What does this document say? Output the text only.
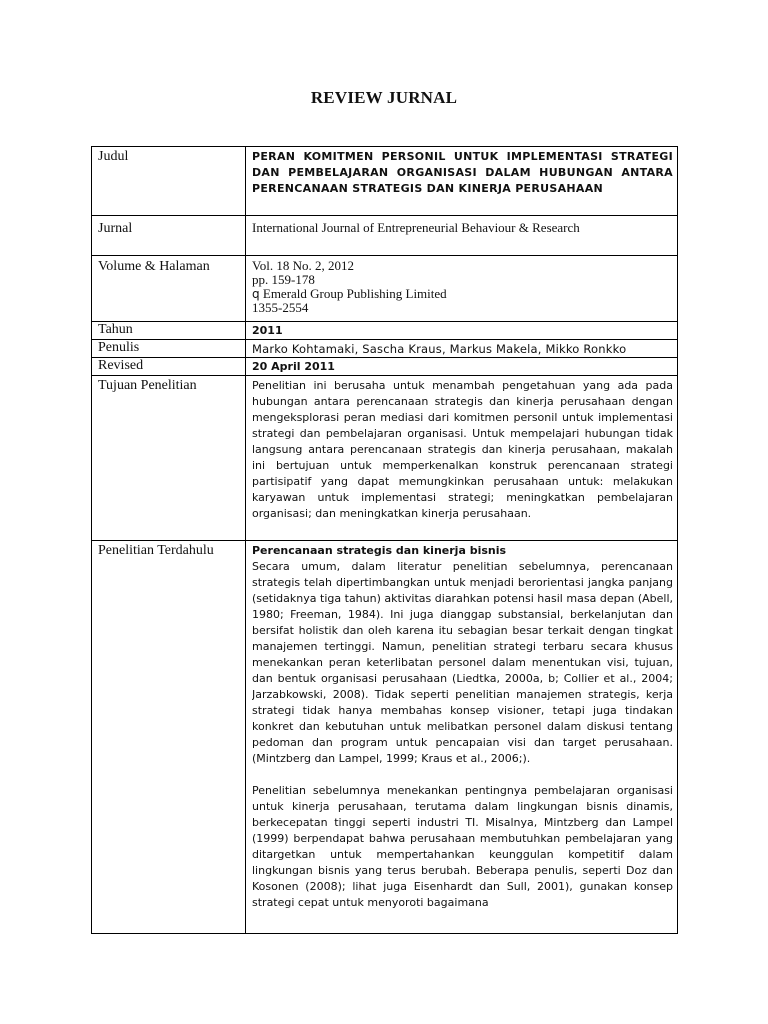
REVIEW JURNAL
Judul	PERAN KOMITMEN PERSONIL UNTUK IMPLEMENTASI STRATEGI DAN PEMBELAJARAN ORGANISASI DALAM HUBUNGAN ANTARA PERENCANAAN STRATEGIS DAN KINERJA PERUSAHAAN
Jurnal	International Journal of Entrepreneurial Behaviour & Research
Volume & Halaman	Vol. 18 No. 2, 2012
pp. 159-178
q Emerald Group Publishing Limited
1355-2554

Tahun	2011
Penulis	Marko Kohtamaki, Sascha Kraus, Markus Makela, Mikko Ronkko
Revised	20 April 2011
Tujuan Penelitian	Penelitian ini berusaha untuk menambah pengetahuan yang ada pada hubungan antara perencanaan strategis dan kinerja perusahaan dengan mengeksplorasi peran mediasi dari komitmen personil untuk implementasi strategi dan pembelajaran organisasi. Untuk mempelajari hubungan tidak langsung antara perencanaan strategis dan kinerja perusahaan, makalah ini bertujuan untuk memperkenalkan konstruk perencanaan strategi partisipatif yang dapat memungkinkan perusahaan untuk: melakukan karyawan untuk implementasi strategi; meningkatkan pembelajaran organisasi; dan meningkatkan kinerja perusahaan.
Penelitian Terdahulu	Perencanaan strategis dan kinerja bisnis

Secara umum, dalam literatur penelitian sebelumnya, perencanaan strategis telah dipertimbangkan untuk menjadi berorientasi jangka panjang (setidaknya tiga tahun) aktivitas diarahkan potensi hasil masa depan (Abell, 1980; Freeman, 1984). Ini juga dianggap substansial, berkelanjutan dan bersifat holistik dan oleh karena itu sebagian besar terkait dengan tingkat manajemen tertinggi. Namun, penelitian strategi terbaru secara khusus menekankan peran keterlibatan personel dalam menentukan visi, tujuan, dan bentuk organisasi perusahaan (Liedtka, 2000a, b; Collier et al., 2004; Jarzabkowski, 2008). Tidak seperti penelitian manajemen strategis, kerja strategi tidak hanya membahas konsep visioner, tetapi juga tindakan konkret dan kebutuhan untuk melibatkan personel dalam diskusi tentang pedoman dan program untuk pencapaian visi dan target perusahaan. (Mintzberg dan Lampel, 1999; Kraus et al., 2006;).

Penelitian sebelumnya menekankan pentingnya pembelajaran organisasi untuk kinerja perusahaan, terutama dalam lingkungan bisnis dinamis, berkecepatan tinggi seperti industri TI. Misalnya, Mintzberg dan Lampel (1999) berpendapat bahwa perusahaan membutuhkan pembelajaran yang ditargetkan untuk mempertahankan keunggulan kompetitif dalam lingkungan bisnis yang terus berubah. Beberapa penulis, seperti Doz dan Kosonen (2008); lihat juga Eisenhardt dan Sull, 2001), gunakan konsep strategi cepat untuk menyoroti bagaimana
